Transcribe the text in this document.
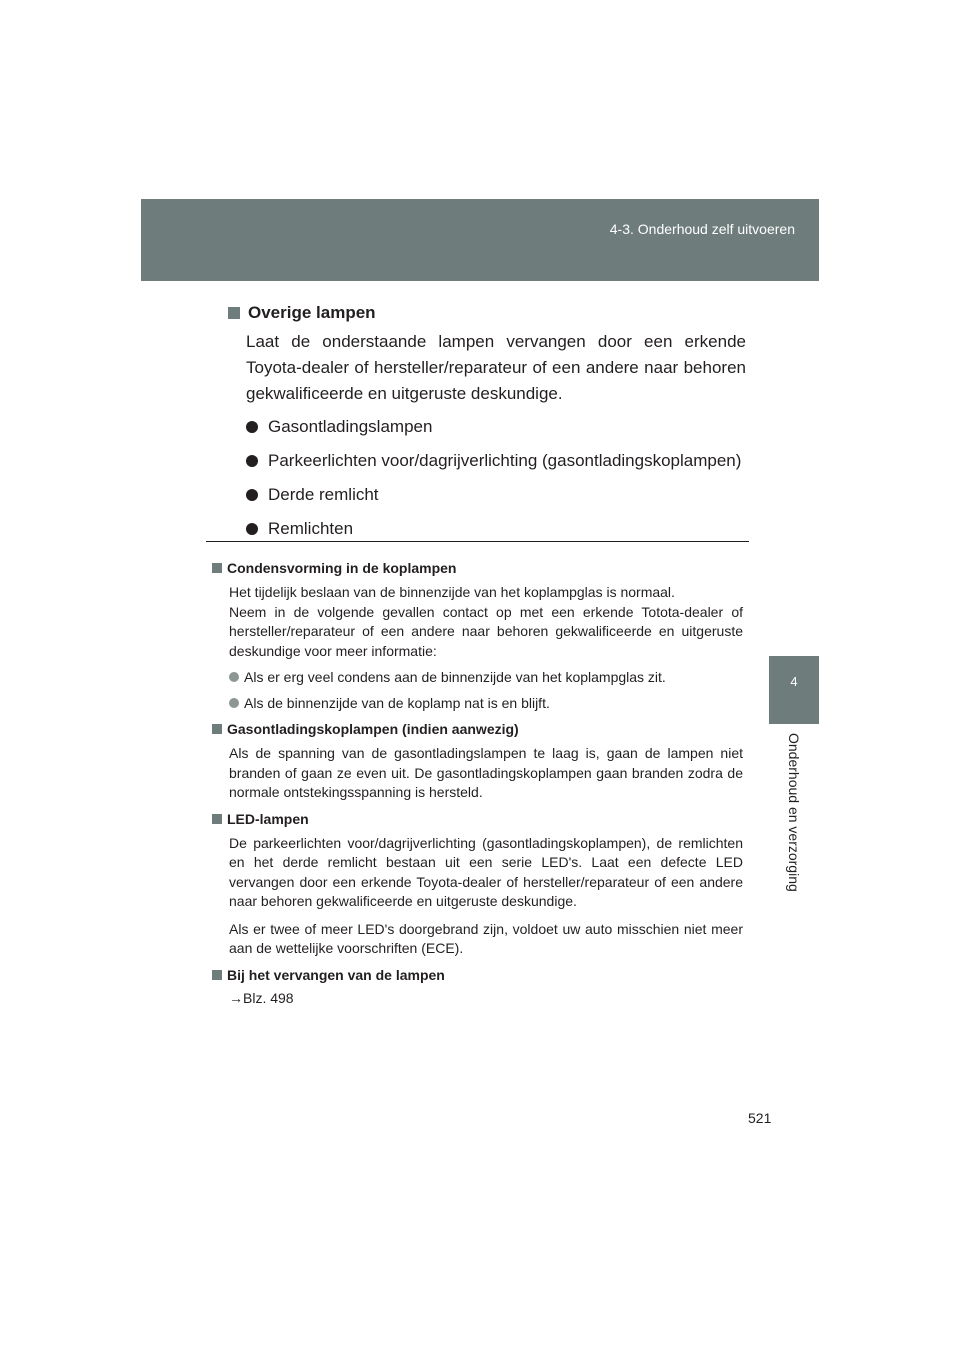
4-3. Onderhoud zelf uitvoeren
4
Onderhoud en verzorging
Overige lampen

Laat de onderstaande lampen vervangen door een erkende Toyota-dealer of hersteller/reparateur of een andere naar behoren gekwalificeerde en uitgeruste deskundige.

Gasontladingslampen
Parkeerlichten voor/dagrijverlichting (gasontladingskoplampen)
Derde remlicht
Remlichten
Condensvorming in de koplampen

Het tijdelijk beslaan van de binnenzijde van het koplampglas is normaal.

Neem in de volgende gevallen contact op met een erkende Totota-dealer of hersteller/reparateur of een andere naar behoren gekwalificeerde en uitgeruste deskundige voor meer informatie:

Als er erg veel condens aan de binnenzijde van het koplampglas zit.
Als de binnenzijde van de koplamp nat is en blijft.
Gasontladingskoplampen (indien aanwezig)

Als de spanning van de gasontladingslampen te laag is, gaan de lampen niet branden of gaan ze even uit. De gasontladingskoplampen gaan branden zodra de normale ontstekingsspanning is hersteld.

LED-lampen

De parkeerlichten voor/dagrijverlichting (gasontladingskoplampen), de remlichten en het derde remlicht bestaan uit een serie LED's. Laat een defecte LED vervangen door een erkende Toyota-dealer of hersteller/reparateur of een andere naar behoren gekwalificeerde en uitgeruste deskundige.

Als er twee of meer LED's doorgebrand zijn, voldoet uw auto misschien niet meer aan de wettelijke voorschriften (ECE).

Bij het vervangen van de lampen
→Blz. 498
521
